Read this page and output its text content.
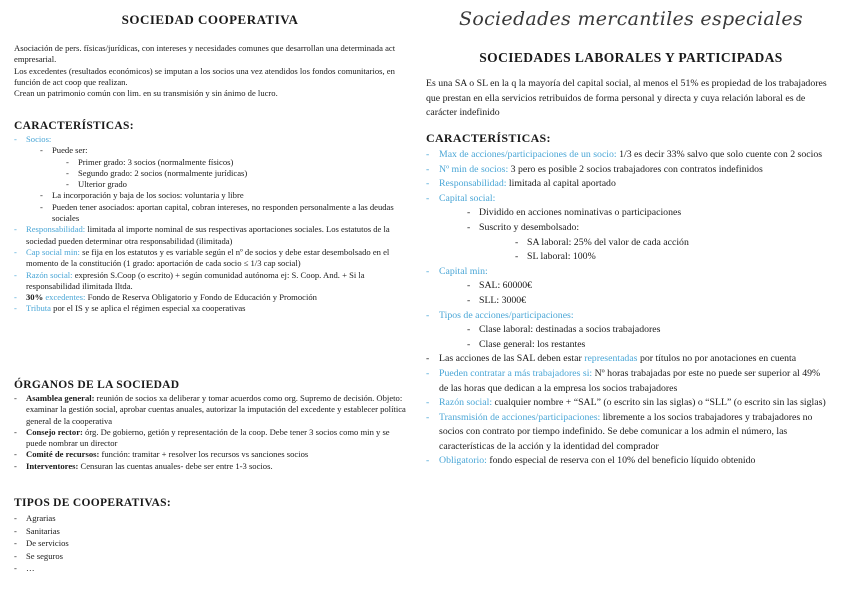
SOCIEDAD COOPERATIVA

Asociación de pers. físicas/jurídicas, con intereses y necesidades comunes que desarrollan una determinada act empresarial.

Los excedentes (resultados económicos) se imputan a los socios una vez atendidos los fondos comunitarios, en función de act coop que realizan.

Crean un patrimonio común con lim. en su transmisión y sin ánimo de lucro.

CARACTERÍSTICAS:
- Socios:
- Puede ser:
- Primer grado: 3 socios (normalmente físicos)
- Segundo grado: 2 socios (normalmente jurídicas)
- Ulterior grado
- La incorporación y baja de los socios: voluntaria y libre
- Pueden tener asociados: aportan capital, cobran intereses, no responden personalmente a las deudas sociales
- Responsabilidad: limitada al importe nominal de sus respectivas aportaciones sociales. Los estatutos de la sociedad pueden determinar otra responsabilidad (ilimitada)
- Cap social min: se fija en los estatutos y es variable según el nº de socios y debe estar desembolsado en el momento de la constitución (1 grado: aportación de cada socio ≤ 1/3 cap social)
- Razón social: expresión S.Coop (o escrito) + según comunidad autónoma ej: S. Coop. And. + Si la responsabilidad ilimitada Iltda.
- 30% excedentes: Fondo de Reserva Obligatorio y Fondo de Educación y Promoción
- Tributa por el IS y se aplica el régimen especial xa cooperativas
ÓRGANOS DE LA SOCIEDAD
- Asamblea general: reunión de socios xa deliberar y tomar acuerdos como org. Supremo de decisión. Objeto: examinar la gestión social, aprobar cuentas anuales, autorizar la imputación del excedente y establecer política general de la cooperativa
- Consejo rector: órg. De gobierno, getión y representación de la coop. Debe tener 3 socios como min y se puede nombrar un director
- Comité de recursos: función: tramitar + resolver los recursos vs sanciones socios
- Interventores: Censuran las cuentas anuales- debe ser entre 1-3 socios.
TIPOS DE COOPERATIVAS:
- Agrarias
- Sanitarias
- De servicios
- Se seguros
- …
Sociedades mercantiles especiales
SOCIEDADES LABORALES Y PARTICIPADAS

Es una SA o SL en la q la mayoría del capital social, al menos el 51% es propiedad de los trabajadores que prestan en ella servicios retribuidos de forma personal y directa y cuya relación laboral es de carácter indefinido

CARACTERÍSTICAS:
- Max de acciones/participaciones de un socio: 1/3 es decir 33% salvo que solo cuente con 2 socios
- Nº min de socios: 3 pero es posible 2 socios trabajadores con contratos indefinidos
- Responsabilidad: limitada al capital aportado
- Capital social:
- Dividido en acciones nominativas o participaciones
- Suscrito y desembolsado:
- SA laboral: 25% del valor de cada acción
- SL laboral: 100%
- Capital min:
- SAL: 60000€
- SLL: 3000€
- Tipos de acciones/participaciones:
- Clase laboral: destinadas a socios trabajadores
- Clase general: los restantes
- Las acciones de las SAL deben estar representadas por títulos no por anotaciones en cuenta
- Pueden contratar a más trabajadores si: Nº horas trabajadas por este no puede ser superior al 49% de las horas que dedican a la empresa los socios trabajadores
- Razón social: cualquier nombre + “SAL” (o escrito sin las siglas) o “SLL” (o escrito sin las siglas)
- Transmisión de acciones/participaciones: libremente a los socios trabajadores y trabajadores no socios con contrato por tiempo indefinido. Se debe comunicar a los admin el número, las características de la acción y la identidad del comprador
- Obligatorio: fondo especial de reserva con el 10% del beneficio líquido obtenido
